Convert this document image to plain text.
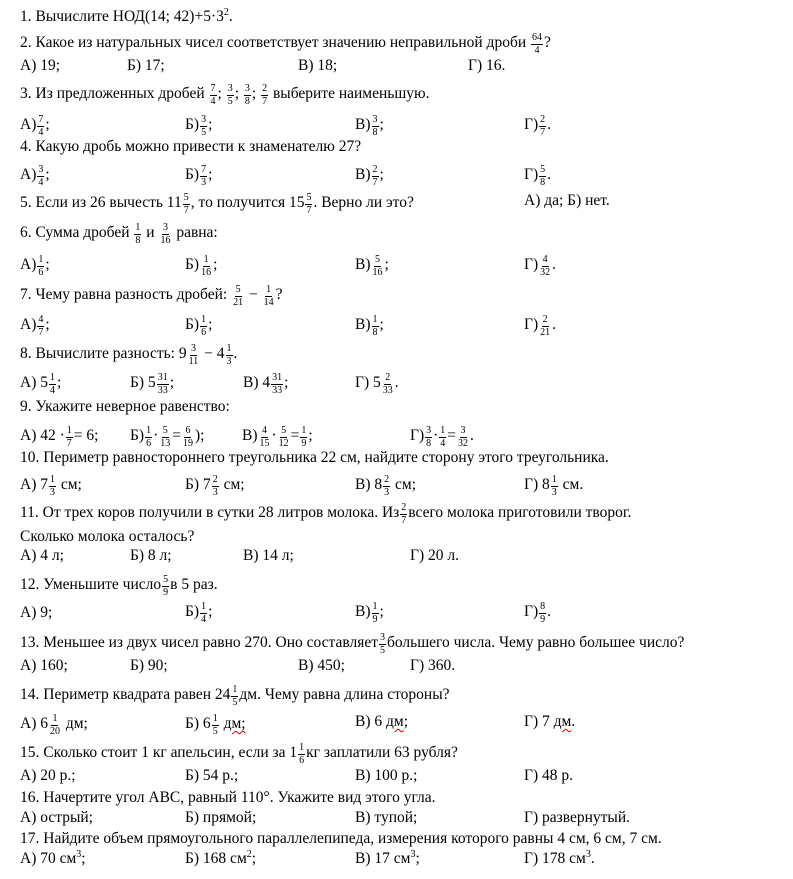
1. Вычислите НОД(14; $42)+5\cdot 3^2$.
2. Какое из натуральных чисел соответствует значению неправильной дроби $\frac{64}{4}$ ?
А) 19;	Б) 17;	В) 18;	Г) 16.
3. Из предложенных дробей $\frac{7}{4}$ ; $\frac{3}{5}$ ; $\frac{3}{8}$ ; $\frac{2}{7}$ выберите наименьшую.
$А) \frac{7}{4}$ ;	$Б) \frac{3}{5}$ ;	$В) \frac{3}{8}$ ;	$Г) \frac{2}{7}$ .
4. Какую дробь можно привести к знаменателю 27?
$А) \frac{3}{4}$ ;	$Б) \frac{7}{3}$ ;	$В) \frac{2}{7}$ ;	$Г) \frac{5}{8}$ .
5. Если из 26 вычесть $11 \frac{5}{7}$ , то получится $15 \frac{5}{7}$ . Верно ли это?	А) да; Б) нет.
6. Сумма дробей $\frac{1}{8}$ и $\frac{3}{16}$ равна:
$А) \frac{1}{6}$ ;	$Б) \frac{1}{16}$ ;	$В) \frac{5}{16}$ ;	$Г) \frac{4}{32}$ .
7. Чему равна разность дробей: $\frac{5}{21} - \frac{1}{14}$ ?
$А) \frac{4}{7}$ ;	$Б) \frac{1}{6}$ ;	$В) \frac{1}{8}$ ;	$Г) \frac{2}{21}$ .
8. Вычислите разность: $9 \frac{3}{11} - 4 \frac{1}{3}$ .
А) $5 \frac{1}{4}$ ;	Б) $5 \frac{31}{33}$ ;	В) $4 \frac{31}{33}$ ;	Г) $5 \frac{2}{33}$ .
9. Укажите неверное равенство:
А) $42 \cdot \frac{1}{7} = 6$; $Б) \frac{1}{6} \cdot \frac{5}{13} = \frac{6}{19}$ ); $В) \frac{4}{15} \cdot \frac{5}{12} = \frac{1}{9}$ ;	$Г) \frac{3}{8} \cdot \frac{1}{4} = \frac{3}{32}$ .
10. Периметр равностороннего треугольника 22 см, найдите сторону этого треугольника.
А) $7 \frac{1}{3}$ см;	Б) $7 \frac{2}{3}$ см;	В) $8 \frac{2}{3}$ см;	Г) $8 \frac{1}{3}$ см.
11. От трех коров получили в сутки 28 литров молока. Из $\frac{2}{7}$ всего молока приготовили творог.
Сколько молока осталось?
А) 4 л;	Б) 8 л;	В) 14 л;	Г) 20 л.
12. Уменьшите число $\frac{5}{9}$ в 5 раз.
А) 9;	$Б) \frac{1}{4}$ ;	$В) \frac{1}{9}$ ;	$Г) \frac{8}{9}$ .
13. Меньшее из двух чисел равно 270. Оно составляет $\frac{3}{5}$ большего числа. Чему равно большее число?
А) 160;	Б) 90;	В) 450;	Г) 360.
14. Периметр квадрата равен $24 \frac{1}{5}$ дм. Чему равна длина стороны?
А) $6 \frac{1}{20}$ дм;	Б) $6 \frac{1}{5}$ дм;	В) 6 дм;	Г) 7 дм.
15. Сколько стоит 1 кг апельсин, если за $1 \frac{1}{6}$ кг заплатили 63 рубля?
А) 20 р.;	Б) 54 р.;	В) 100 р.;	Г) 48 р.
16. Начертите угол АВС, равный 110°. Укажите вид этого угла.
А) острый;	Б) прямой;	В) тупой;	Г) развернутый.
17. Найдите объем прямоугольного параллелепипеда, измерения которого равны 4 см, 6 см, 7 см.
А) 70 $см^3$;	Б) 168 $см^2$;	В) 17 $см^3$;	Г) 178 $см^3$.
